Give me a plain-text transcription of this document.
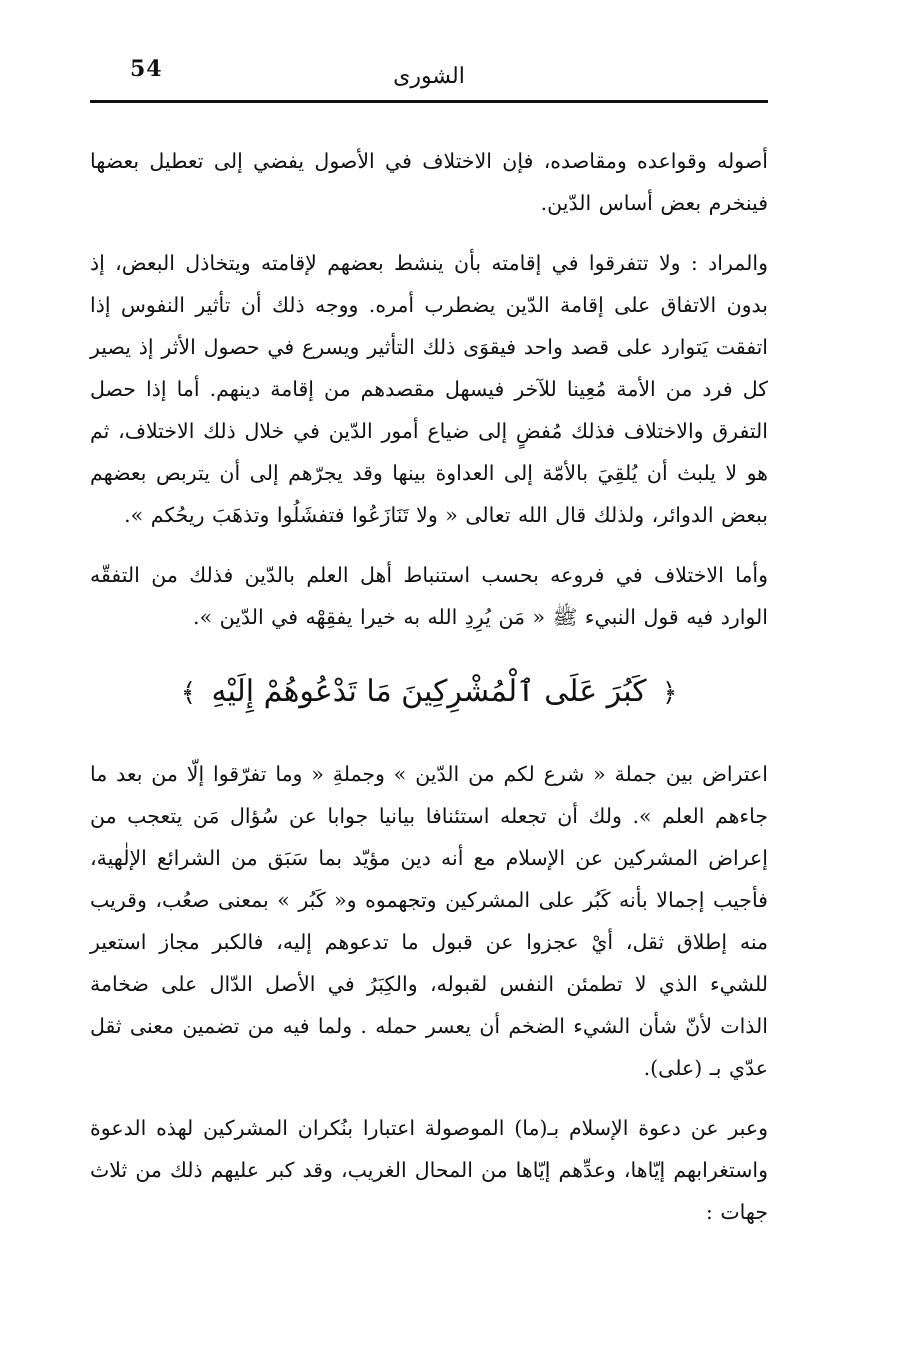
54	الشورى

أصوله وقواعده ومقاصده، فإن الاختلاف في الأصول يفضي إلى تعطيل بعضها فينخرم بعض أساس الدّين.

والمراد : ولا تتفرقوا في إقامته بأن ينشط بعضهم لإقامته ويتخاذل البعض، إذ بدون الاتفاق على إقامة الدّين يضطرب أمره. ووجه ذلك أن تأثير النفوس إذا اتفقت يَتوارد على قصد واحد فيقوَى ذلك التأثير ويسرع في حصول الأثر إذ يصير كل فرد من الأمة مُعِينا للآخر فيسهل مقصدهم من إقامة دينهم. أما إذا حصل التفرق والاختلاف فذلك مُفضٍ إلى ضياع أمور الدّين في خلال ذلك الاختلاف، ثم هو لا يلبث أن يُلقِيَ بالأمّة إلى العداوة بينها وقد يجرّهم إلى أن يتربص بعضهم ببعض الدوائر، ولذلك قال الله تعالى « ولا تَنَازَعُوا فتفشَلُوا وتذهَبَ ريحُكم ».

وأما الاختلاف في فروعه بحسب استنباط أهل العلم بالدّين فذلك من التفقّه الوارد فيه قول النبيء ﷺ « مَن يُرِدِ الله به خيرا يفقِهْه في الدّين ».

﴿ كَبُرَ عَلَى ٱلْمُشْرِكِينَ مَا تَدْعُوهُمْ إِلَيْهِ ﴾

اعتراض بين جملة « شرع لكم من الدّين » وجملةِ « وما تفرّقوا إلّا من بعد ما جاءهم العلم ». ولك أن تجعله استئنافا بيانيا جوابا عن سُؤال مَن يتعجب من إعراض المشركين عن الإسلام مع أنه دين مؤيّد بما سَبَق من الشرائع الإلٰهية، فأجيب إجمالا بأنه كَبُر على المشركين وتجهموه و« كَبُر » بمعنى صعُب، وقريب منه إطلاق ثقل، أيْ عجزوا عن قبول ما تدعوهم إليه، فالكبر مجاز استعير للشيء الذي لا تطمئن النفس لقبوله، والكِبَرُ في الأصل الدّال على ضخامة الذات لأنّ شأن الشيء الضخم أن يعسر حمله . ولما فيه من تضمين معنى ثقل عدّي بـ (على).

وعبر عن دعوة الإسلام بـ(ما) الموصولة اعتبارا بنُكران المشركين لهذه الدعوة واستغرابهم إيّاها، وعدِّهم إيّاها من المحال الغريب، وقد كبر عليهم ذلك من ثلاث جهات :
